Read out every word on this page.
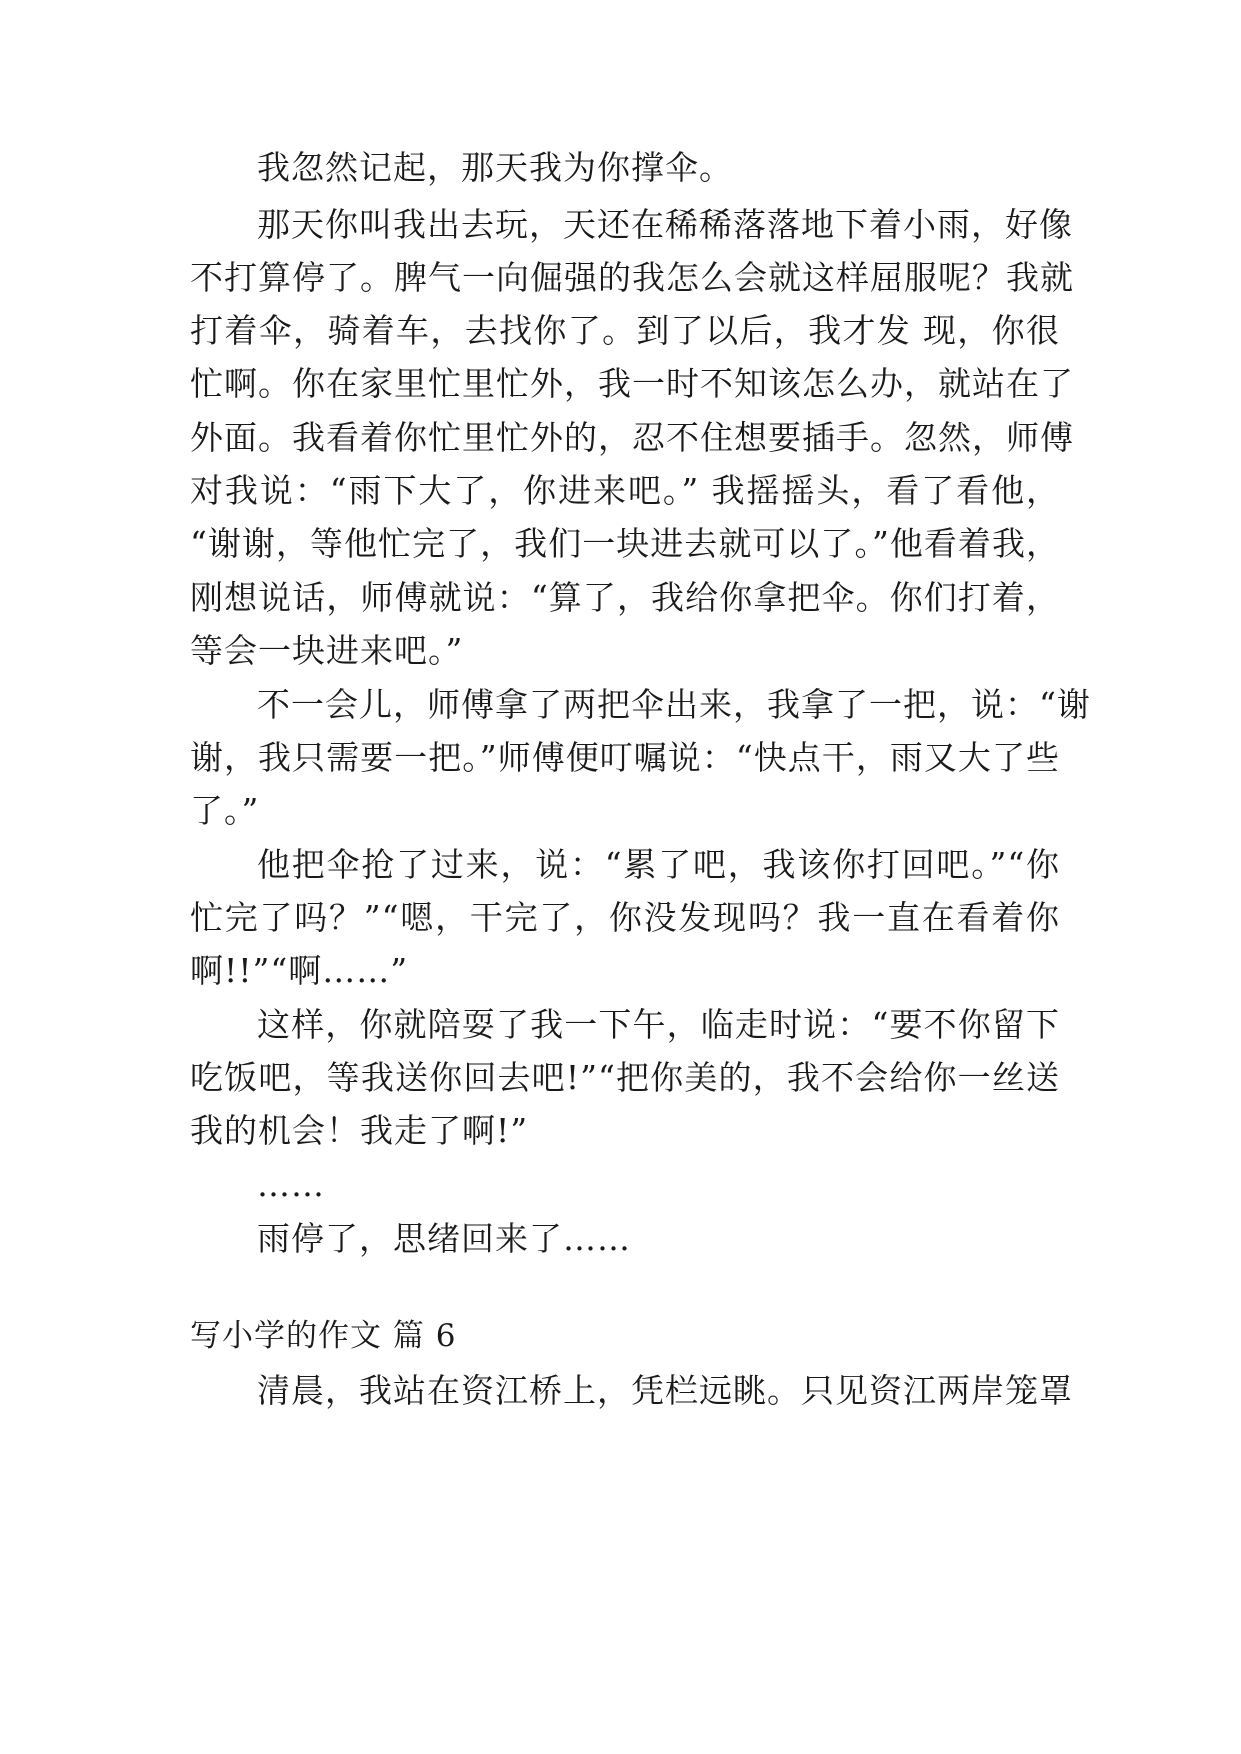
我忽然记起，那天我为你撑伞。

那天你叫我出去玩，天还在稀稀落落地下着小雨，好像

不打算停了。脾气一向倔强的我怎么会就这样屈服呢？我就

打着伞，骑着车，去找你了。到了以后，我才发 现，你很

忙啊。你在家里忙里忙外，我一时不知该怎么办，就站在了

外面。我看着你忙里忙外的，忍不住想要插手。忽然，师傅

对我说：“雨下大了，你进来吧。” 我摇摇头，看了看他，

“谢谢，等他忙完了，我们一块进去就可以了。”他看着我，

刚想说话，师傅就说：“算了，我给你拿把伞。你们打着，

等会一块进来吧。”

不一会儿，师傅拿了两把伞出来，我拿了一把，说：“谢

谢，我只需要一把。”师傅便叮嘱说：“快点干，雨又大了些

了。”

他把伞抢了过来，说：“累了吧，我该你打回吧。”“你

忙完了吗？”“嗯，干完了，你没发现吗？我一直在看着你

啊!!”“啊……”

这样，你就陪耍了我一下午，临走时说：“要不你留下

吃饭吧，等我送你回去吧!”“把你美的，我不会给你一丝送

我的机会！我走了啊!”

……

雨停了，思绪回来了……

写小学的作文 篇 6

清晨，我站在资江桥上，凭栏远眺。只见资江两岸笼罩
